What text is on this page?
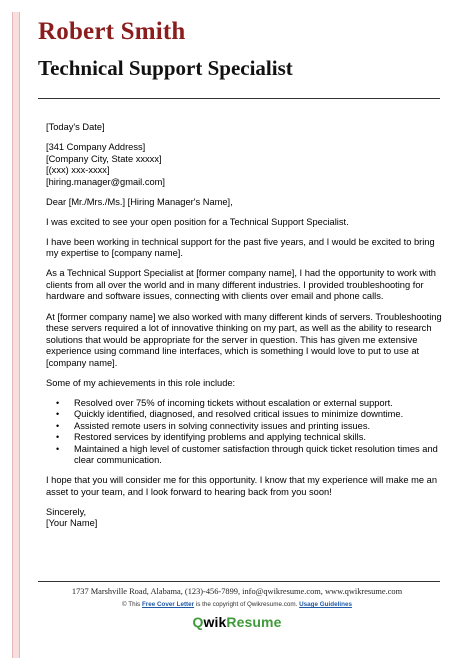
Robert Smith
Technical Support Specialist

[Today's Date]

[341 Company Address]
[Company City, State xxxxx]
[(xxx) xxx-xxxx]
[hiring.manager@gmail.com]

Dear [Mr./Mrs./Ms.] [Hiring Manager's Name],

I was excited to see your open position for a Technical Support Specialist.

I have been working in technical support for the past five years, and I would be excited to bring my expertise to [company name].

As a Technical Support Specialist at [former company name], I had the opportunity to work with clients from all over the world and in many different industries. I provided troubleshooting for hardware and software issues, connecting with clients over email and phone calls.

At [former company name] we also worked with many different kinds of servers. Troubleshooting these servers required a lot of innovative thinking on my part, as well as the ability to research solutions that would be appropriate for the server in question. This has given me extensive experience using command line interfaces, which is something I would love to put to use at [company name].

Some of my achievements in this role include:

• Resolved over 75% of incoming tickets without escalation or external support.
• Quickly identified, diagnosed, and resolved critical issues to minimize downtime.
• Assisted remote users in solving connectivity issues and printing issues.
• Restored services by identifying problems and applying technical skills.
• Maintained a high level of customer satisfaction through quick ticket resolution times and clear communication.

I hope that you will consider me for this opportunity. I know that my experience will make me an asset to your team, and I look forward to hearing back from you soon!

Sincerely,
[Your Name]

1737 Marshville Road, Alabama, (123)-456-7899, info@qwikresume.com, www.qwikresume.com
© This Free Cover Letter is the copyright of Qwikresume.com. Usage Guidelines
QwikResume
